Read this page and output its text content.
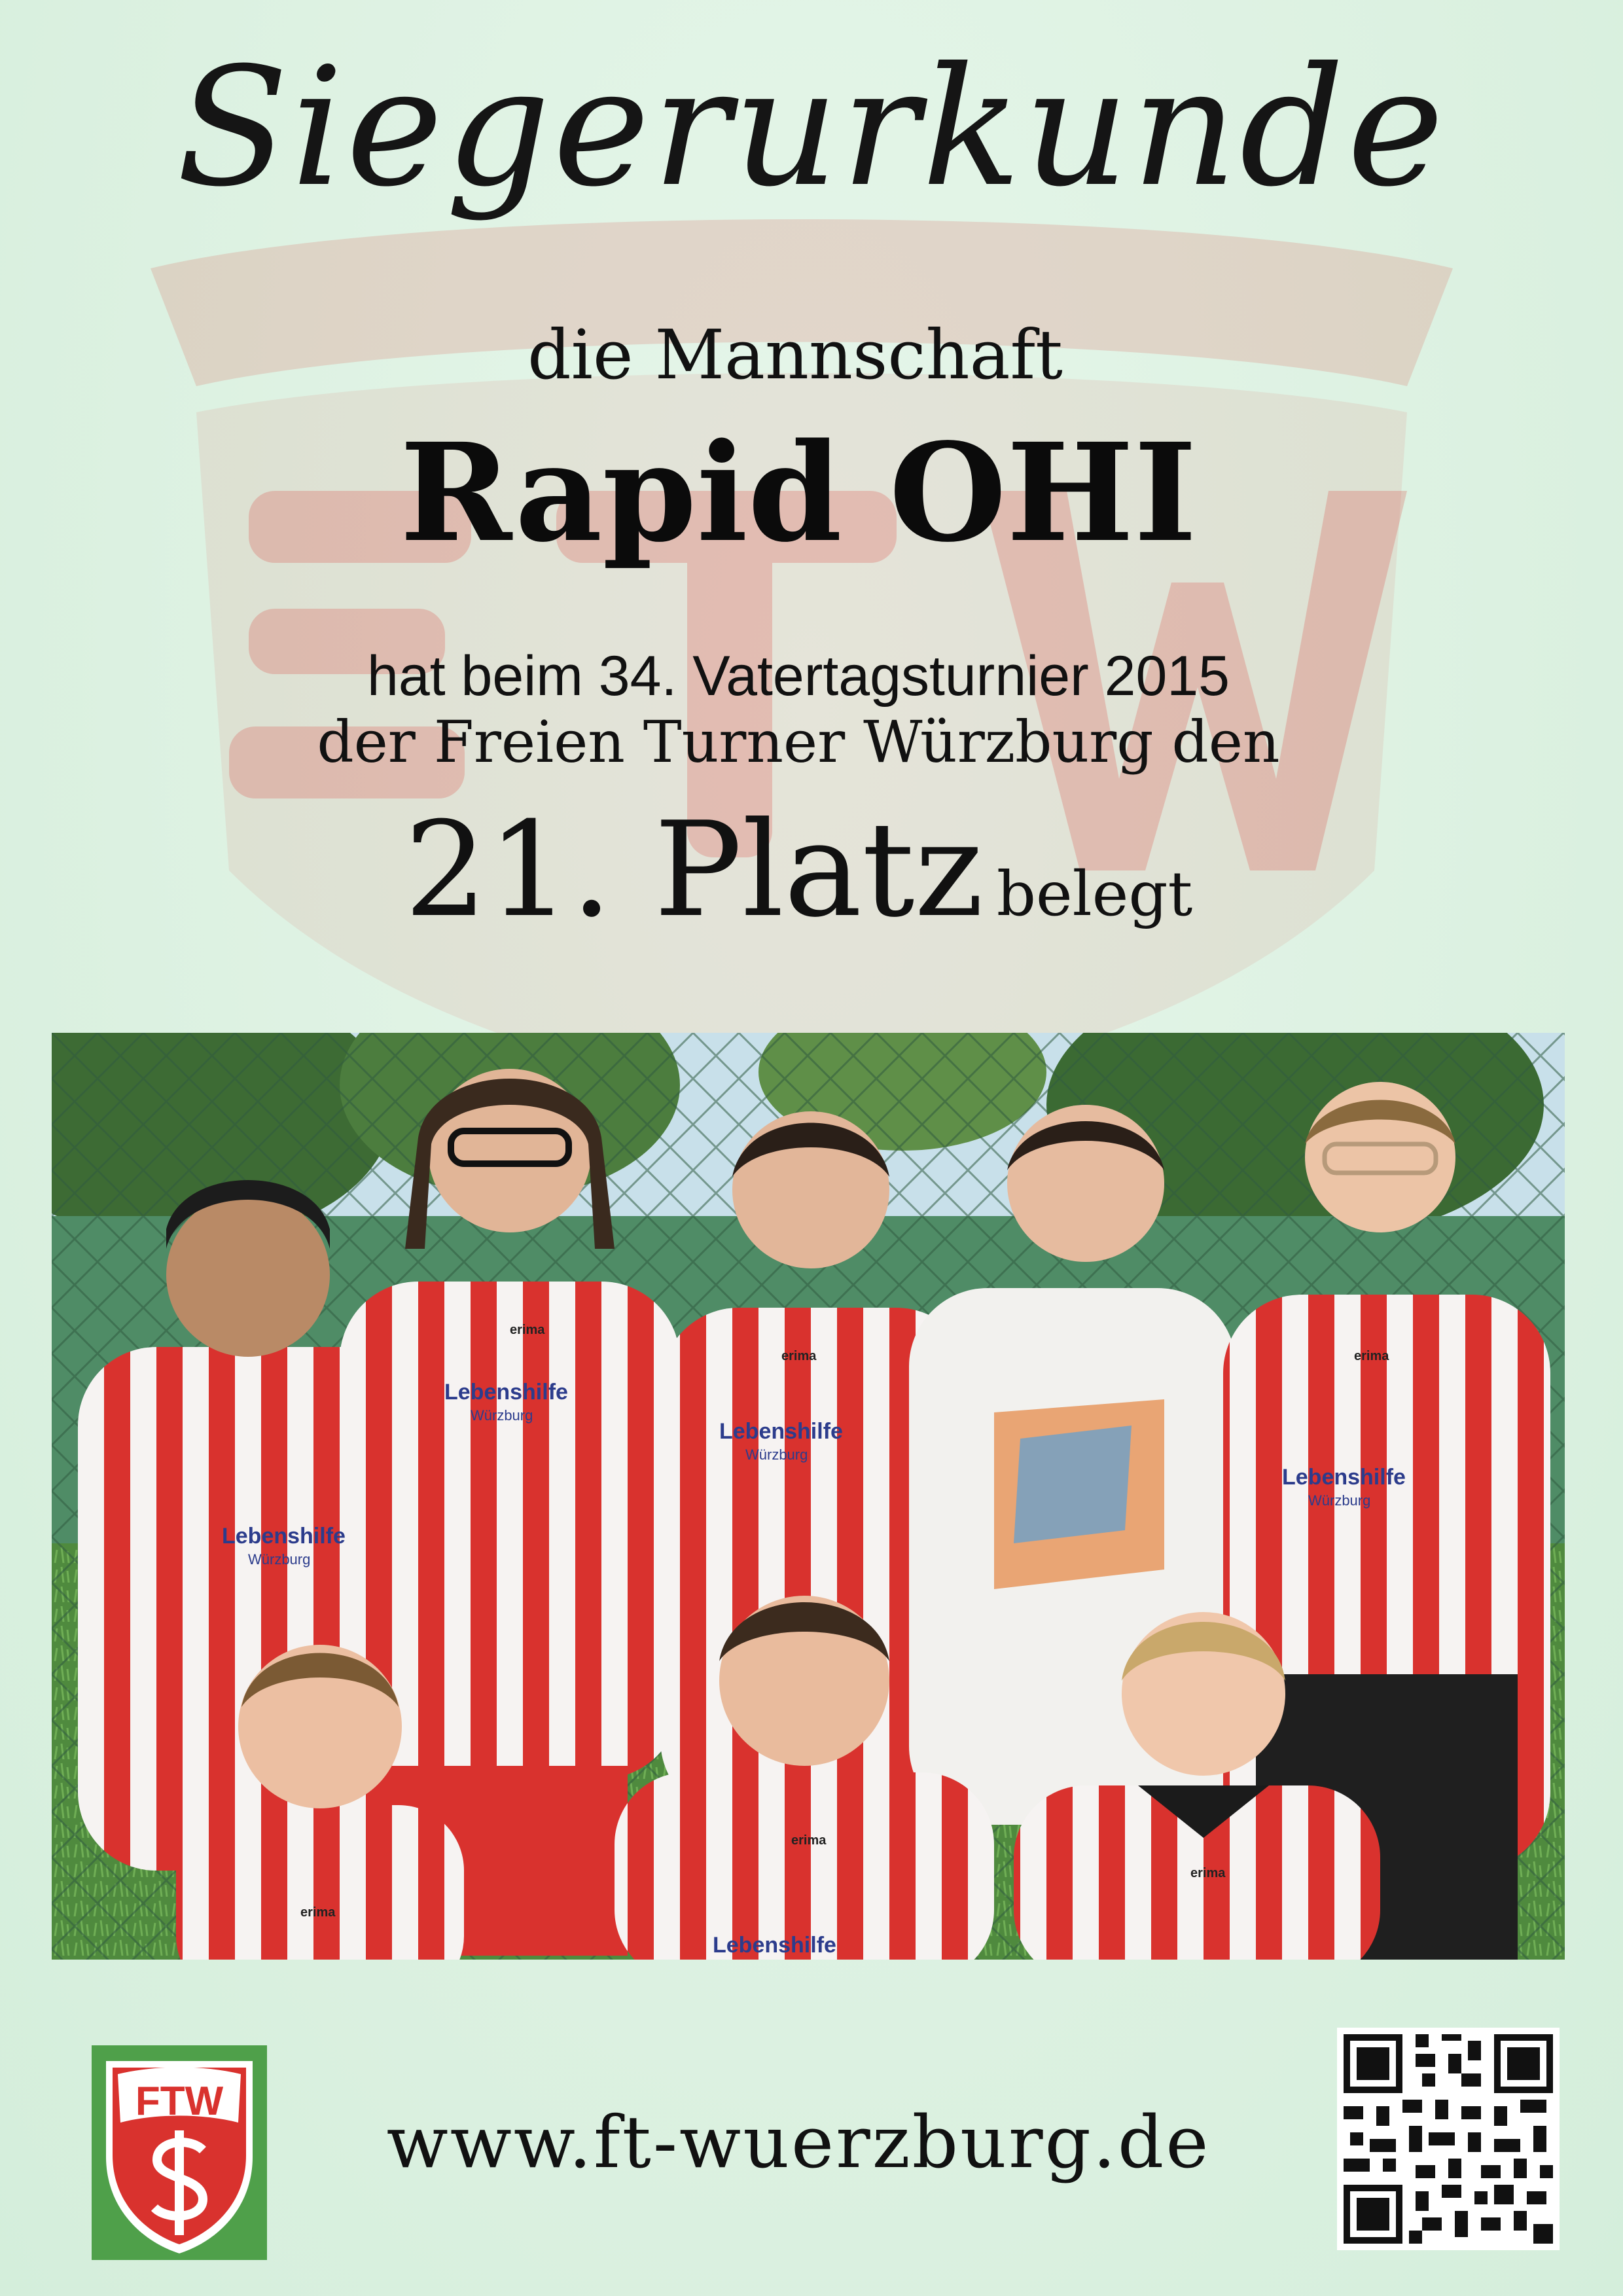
Siegerurkunde
die Mannschaft
Rapid OHI
hat beim 34. Vatertagsturnier 2015
der Freien Turner Würzburg den
21. Platz belegt
Lebenshilfe
Würzburg
Lebenshilfe
Würzburg
Lebenshilfe
Würzburg
Lebenshilfe
Würzburg
Lebenshilfe
erima
erima	erima
erima
erima
erima
FTW	www.ft-wuerzburg.de
